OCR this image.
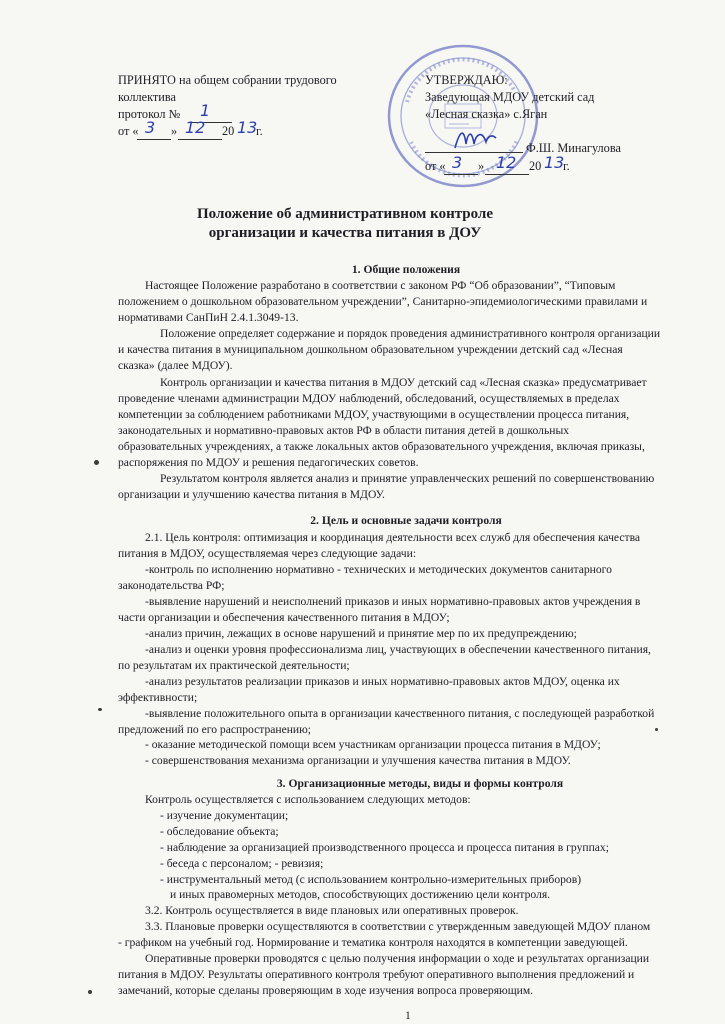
ПРИНЯТО на общем собрании трудового
коллектива
протокол № 1
от « 3 » 12 20 13
г.
УТВЕРЖДАЮ:
Заведующая МДОУ детский сад
«Лесная сказка» с.Яган
Ф.Ш. Минагулова
от « 3 » 12 20 13
г.
Положение об административном контроле
организации и качества питания в ДОУ
1. Общие положения
Настоящее Положение разработано в соответствии с законом РФ “Об образовании”, “Типовым
положением о дошкольном образовательном учреждении”, Санитарно-эпидемиологическими правилами и
нормативами СанПиН 2.4.1.3049-13.
Положение определяет содержание и порядок проведения административного контроля организации
и качества питания в муниципальном дошкольном образовательном учреждении детский сад «Лесная
сказка» (далее МДОУ).
Контроль организации и качества питания в МДОУ детский сад «Лесная сказка» предусматривает
проведение членами администрации МДОУ наблюдений, обследований, осуществляемых в пределах
компетенции за соблюдением работниками МДОУ, участвующими в осуществлении процесса питания,
законодательных и нормативно-правовых актов РФ в области питания детей в дошкольных
образовательных учреждениях, а также локальных актов образовательного учреждения, включая приказы,
распоряжения по МДОУ и решения педагогических советов.
Результатом контроля является анализ и принятие управленческих решений по совершенствованию
организации и улучшению качества питания в МДОУ.
2. Цель и основные задачи контроля
2.1. Цель контроля: оптимизация и координация деятельности всех служб для обеспечения качества
питания в МДОУ, осуществляемая через следующие задачи:
-контроль по исполнению нормативно - технических и методических документов санитарного
законодательства РФ;
-выявление нарушений и неисполнений приказов и иных нормативно-правовых актов учреждения в
части организации и обеспечения качественного питания в МДОУ;
-анализ причин, лежащих в основе нарушений и принятие мер по их предупреждению;
-анализ и оценки уровня профессионализма лиц, участвующих в обеспечении качественного питания,
по результатам их практической деятельности;
-анализ результатов реализации приказов и иных нормативно-правовых актов МДОУ, оценка их
эффективности;
-выявление положительного опыта в организации качественного питания, с последующей разработкой
предложений по его распространению;
- оказание методической помощи всем участникам организации процесса питания в МДОУ;
- совершенствования механизма организации и улучшения качества питания в МДОУ.
3. Организационные методы, виды и формы контроля
Контроль осуществляется с использованием следующих методов:
- изучение документации;
- обследование объекта;
- наблюдение за организацией производственного процесса и процесса питания в группах;
- беседа с персоналом; - ревизия;
- инструментальный метод (с использованием контрольно-измерительных приборов)
и иных правомерных методов, способствующих достижению цели контроля.
3.2. Контроль осуществляется в виде плановых или оперативных проверок.
3.3. Плановые проверки осуществляются в соответствии с утвержденным заведующей МДОУ планом
- графиком на учебный год. Нормирование и тематика контроля находятся в компетенции заведующей.
Оперативные проверки проводятся с целью получения информации о ходе и результатах организации
питания в МДОУ. Результаты оперативного контроля требуют оперативного выполнения предложений и
замечаний, которые сделаны проверяющим в ходе изучения вопроса проверяющим.
1
